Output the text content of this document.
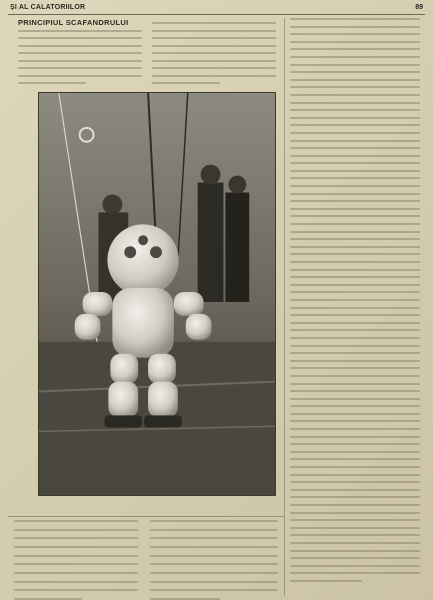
ȘI AL CALATORIILOR	89
PRINCIPIUL SCAFANDRULUI
